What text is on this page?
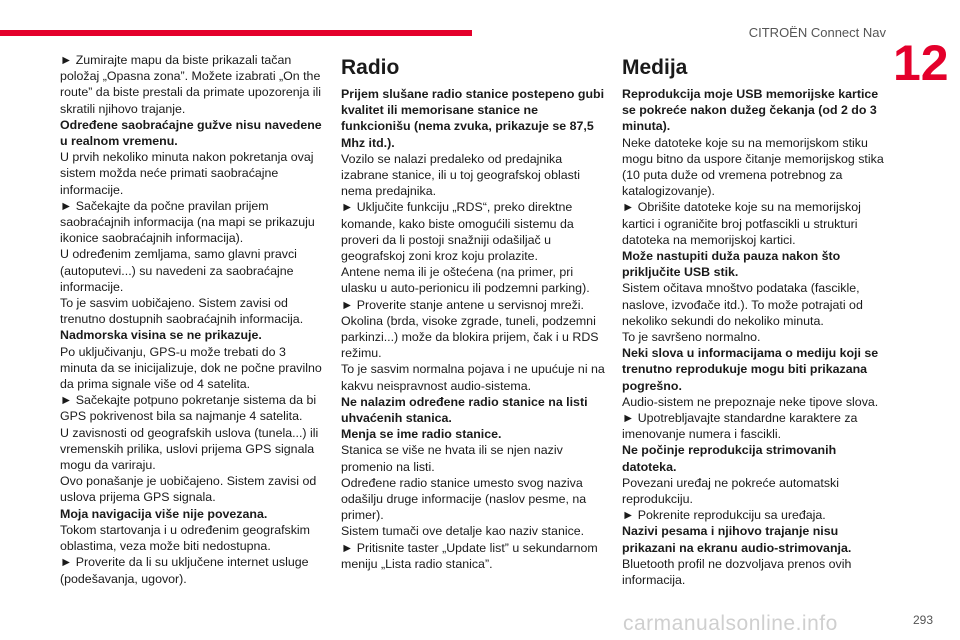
CITROËN Connect Nav
12

► Zumirajte mapu da biste prikazali tačan položaj „Opasna zona”. Možete izabrati „On the route” da biste prestali da primate upozorenja ili skratili njihovo trajanje.

Određene saobraćajne gužve nisu navedene u realnom vremenu.

U prvih nekoliko minuta nakon pokretanja ovaj sistem možda neće primati saobraćajne informacije.

► Sačekajte da počne pravilan prijem saobraćajnih informacija (na mapi se prikazuju ikonice saobraćajnih informacija).

U određenim zemljama, samo glavni pravci (autoputevi...) su navedeni za saobraćajne informacije.

To je sasvim uobičajeno. Sistem zavisi od trenutno dostupnih saobraćajnih informacija.

Nadmorska visina se ne prikazuje.

Po uključivanju, GPS-u može trebati do 3 minuta da se inicijalizuje, dok ne počne pravilno da prima signale više od 4 satelita.

► Sačekajte potpuno pokretanje sistema da bi GPS pokrivenost bila sa najmanje 4 satelita.

U zavisnosti od geografskih uslova (tunela...) ili vremenskih prilika, uslovi prijema GPS signala mogu da variraju.

Ovo ponašanje je uobičajeno. Sistem zavisi od uslova prijema GPS signala.

Moja navigacija više nije povezana.

Tokom startovanja i u određenim geografskim oblastima, veza može biti nedostupna.

► Proverite da li su uključene internet usluge (podešavanja, ugovor).

Radio

Prijem slušane radio stanice postepeno gubi kvalitet ili memorisane stanice ne funkcionišu (nema zvuka, prikazuje se 87,5 Mhz itd.).

Vozilo se nalazi predaleko od predajnika izabrane stanice, ili u toj geografskoj oblasti nema predajnika.

► Uključite funkciju „RDS“, preko direktne komande, kako biste omogućili sistemu da proveri da li postoji snažniji odašiljač u geografskoj zoni kroz koju prolazite.

Antene nema ili je oštećena (na primer, pri ulasku u auto-perionicu ili podzemni parking).

► Proverite stanje antene u servisnoj mreži.

Okolina (brda, visoke zgrade, tuneli, podzemni parkinzi...) može da blokira prijem, čak i u RDS režimu.

To je sasvim normalna pojava i ne upućuje ni na kakvu neispravnost audio-sistema.

Ne nalazim određene radio stanice na listi uhvaćenih stanica.

Menja se ime radio stanice.

Stanica se više ne hvata ili se njen naziv promenio na listi.

Određene radio stanice umesto svog naziva odašilju druge informacije (naslov pesme, na primer).

Sistem tumači ove detalje kao naziv stanice.

► Pritisnite taster „Update list” u sekundarnom meniju „Lista radio stanica”.

Medija

Reprodukcija moje USB memorijske kartice se pokreće nakon dužeg čekanja (od 2 do 3 minuta).

Neke datoteke koje su na memorijskom stiku mogu bitno da uspore čitanje memorijskog stika (10 puta duže od vremena potrebnog za katalogizovanje).

► Obrišite datoteke koje su na memorijskoj kartici i ograničite broj potfascikli u strukturi datoteka na memorijskoj kartici.

Može nastupiti duža pauza nakon što priključite USB stik.

Sistem očitava mnoštvo podataka (fascikle, naslove, izvođače itd.). To može potrajati od nekoliko sekundi do nekoliko minuta.

To je savršeno normalno.

Neki slova u informacijama o mediju koji se trenutno reprodukuje mogu biti prikazana pogrešno.

Audio-sistem ne prepoznaje neke tipove slova.

► Upotrebljavajte standardne karaktere za imenovanje numera i fascikli.

Ne počinje reprodukcija strimovanih datoteka.

Povezani uređaj ne pokreće automatski reprodukciju.

► Pokrenite reprodukciju sa uređaja.

Nazivi pesama i njihovo trajanje nisu prikazani na ekranu audio-strimovanja.

Bluetooth profil ne dozvoljava prenos ovih informacija.

carmanualsonline.info	293
